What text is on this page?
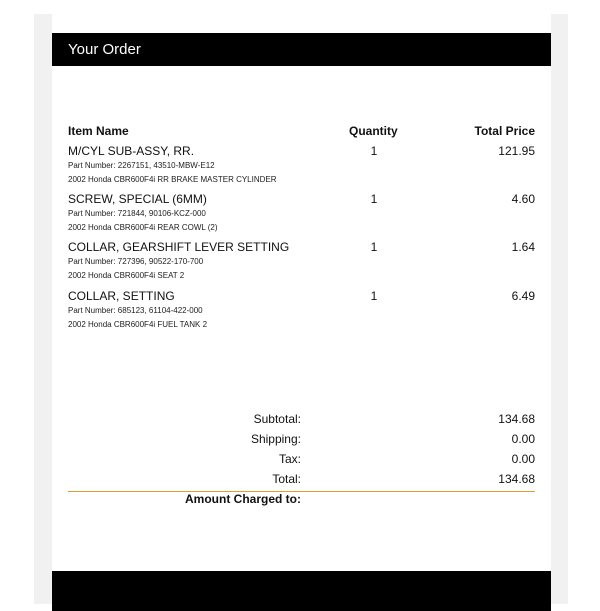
Your Order
Item Name	Quantity	Total Price
M/CYL SUB-ASSY, RR.
Part Number: 2267151, 43510-MBW-E12
2002 Honda CBR600F4i RR BRAKE MASTER CYLINDER
1	121.95
SCREW, SPECIAL (6MM)
Part Number: 721844, 90106-KCZ-000
2002 Honda CBR600F4i REAR COWL (2)
1	4.60
COLLAR, GEARSHIFT LEVER SETTING
Part Number: 727396, 90522-170-700
2002 Honda CBR600F4i SEAT 2
1	1.64
COLLAR, SETTING
Part Number: 685123, 61104-422-000
2002 Honda CBR600F4i FUEL TANK 2
1	6.49
Subtotal:	134.68
Shipping:	0.00
Tax:	0.00
Total:	134.68
Amount Charged to:
